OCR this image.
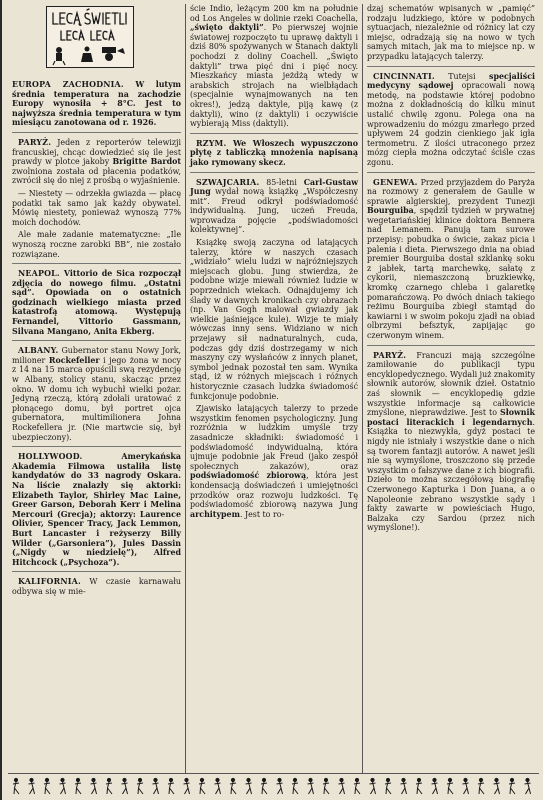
EUROPA ZACHODNIA. W lutym średnia temperatura na zachodzie Europy wynosiła + 8°C. Jest to najwyższa średnia temperatura w tym miesiącu zanotowana od r. 1926.

PARYŻ. Jeden z reporterów telewizji francuskiej, chcąc dowiedzieć się ile jest prawdy w plotce jakoby Brigitte Bardot zwolniona została od płacenia podatków, zwrócił się do niej z prośbą o wyjaśnienie.

— Niestety — odrzekła gwiazda — płacę podatki tak samo jak każdy obywatel. Mówię niestety, ponieważ wynoszą 77% moich dochodów.

Ale małe zadanie matematyczne: „Ile wynoszą roczne zarobki BB”, nie zostało rozwiązane.

NEAPOL. Vittorio de Sica rozpoczął zdjęcia do nowego filmu. „Ostatni sąd”. Opowiada on o ostatnich godzinach wielkiego miasta przed katastrofą atomową. Występują Fernandel, Vittorio Gassmann, Silvana Mangano, Anita Ekberg.

ALBANY. Gubernator stanu Nowy Jork, milioner Rockefeller i jego żona w nocy z 14 na 15 marca opuścili swą rezydencję w Albany, stolicy stanu, skacząc przez okno. W domu ich wybuchł wielki pożar. Jedyną rzeczą, którą zdołali uratować z płonącego domu, był portret ojca gubernatora, multimilionera Johna Rockefellera jr. (Nie martwcie się, był ubezpieczony).

HOLLYWOOD. Amerykańska Akademia Filmowa ustaliła listę kandydatów do 33 nagrody Oskara. Na liście znalazły się aktorki: Elizabeth Taylor, Shirley Mac Laine, Greer Garson, Deborah Kerr i Melina Mercouri (Grecja); aktorzy: Laurence Olivier, Spencer Tracy, Jack Lemmon, Burt Lancaster i reżyserzy Billy Wilder („Garsoniera”), Jules Dassin („Nigdy w niedzielę”), Alfred Hitchcock („Psychoza”).

KALIFORNIA. W czasie karnawału odbywa się w mie-

ście Indio, leżącym 200 km na południe od Los Angeles w dolinie rzeki Coachella, „święto daktyli”. Po pierwszej wojnie światowej rozpoczęto tu uprawę daktyli i dziś 80% spożywanych w Stanach daktyli pochodzi z doliny Coachell. „Święto daktyli” trwa pięć dni i pięć nocy. Mieszkańcy miasta jeżdżą wtedy w arabskich strojach na wielbłądach (specjalnie wynajmowanych na ten okres!), jedzą daktyle, piją kawę (z daktyli), wino (z daktyli) i oczywiście wybierają Miss (daktyli).

RZYM. We Włoszech wypuszczono płytę z tabliczką mnożenia napisaną jako rymowany skecz.

SZWAJCARIA. 85-letni Carl-Gustaw Jung wydał nową książkę „Współczesny mit”. Freud odkrył podświadomość indywidualną. Jung, uczeń Freuda, wprowadza pojęcie „podświadomości kolektywnej”.

Książkę swoją zaczyna od latających talerzy, które w naszych czasach „widziało” wielu ludzi w najróżniejszych miejscach globu. Jung stwierdza, że podobne wizje miewali również ludzie w poprzednich wiekach. Odnajdujemy ich ślady w dawnych kronikach czy obrazach (np. Van Gogh malował gwiazdy jak wielkie jaśniejące kule). Wizje te miały wówczas inny sens. Widziano w nich przejawy sił nadnaturalnych, cuda, podczas gdy dziś dostrzegamy w nich maszyny czy wysłańców z innych planet, symbol jednak pozostał ten sam. Wynika stąd, iż w różnych miejscach i różnych historycznie czasach ludzka świadomość funkcjonuje podobnie.

Zjawisko latających talerzy to przede wszystkim fenomen psychologiczny. Jung rozróżnia w ludzkim umyśle trzy zasadnicze składniki: świadomość i podświadomość indywidualną, która ujmuje podobnie jak Freud (jako zespół społecznych zakazów), oraz podświadomość zbiorową, która jest kondensacją doświadczeń i umiejętności przodków oraz rozwoju ludzkości. Tę podświadomość zbiorową nazywa Jung architypem. Jest to ro-

dzaj schematów wpisanych w „pamięć” rodzaju ludzkiego, które w podobnych sytuacjach, niezależnie od różnicy lat czy miejsc, odradzają się na nowo w tych samych mitach, jak ma to miejsce np. w przypadku latających talerzy.

CINCINNATI. Tutejsi specjaliści medycyny sądowej opracowali nową metodę, na podstawie której podobno można z dokładnością do kilku minut ustalić chwilę zgonu. Polega ona na wprowadzeniu do mózgu zmarłego przed upływem 24 godzin cienkiego jak igła termometru. Z ilości utraconego przez mózg ciepła można odczytać ściśle czas zgonu.

GENEWA. Przed przyjazdem do Paryża na rozmowy z generałem de Gaulle w sprawie algierskiej, prezydent Tunezji Bourguiba, spędził tydzień w prywatnej wegetariańskiej klinice doktora Bennera nad Lemanem. Panują tam surowe przepisy: pobudka o świcie, zakaz picia i palenia i dieta. Pierwszego dnia na obiad premier Bourguiba dostał szklankę soku z jabłek, tartą marchewkę, sałatę z cykorii, niemaszczoną bruzkiewkę, kromkę czarnego chleba i galaretkę pomarańczową. Po dwóch dniach takiego reżimu Bourguiba zbiegł stamtąd do kawiarni i w swoim pokoju zjadł na obiad olbrzymi befsztyk, zapijając go czerwonym winem.

PARYŻ. Francuzi mają szczególne zamiłowanie do publikacji typu encyklopedycznego. Wydali już znakomity słownik autorów, słownik dzieł. Ostatnio zaś słownik — encyklopedię gdzie wszystkie informacje są całkowicie zmyślone, nieprawdziwe. Jest to Słownik postaci literackich i legendarnych. Książka to niezwykła, gdyż postaci te nigdy nie istniały i wszystkie dane o nich są tworem fantazji autorów. A nawet jeśli nie są wymyślone, troszczono się przede wszystkim o fałszywe dane z ich biografii. Dzieło to można szczegółową biografię Czerwonego Kapturka i Don Juana, a o Napoleonie zebrano wszystkie sądy i fakty zawarte w powieściach Hugo, Balzaka czy Sardou (przez nich wymyślone!).
